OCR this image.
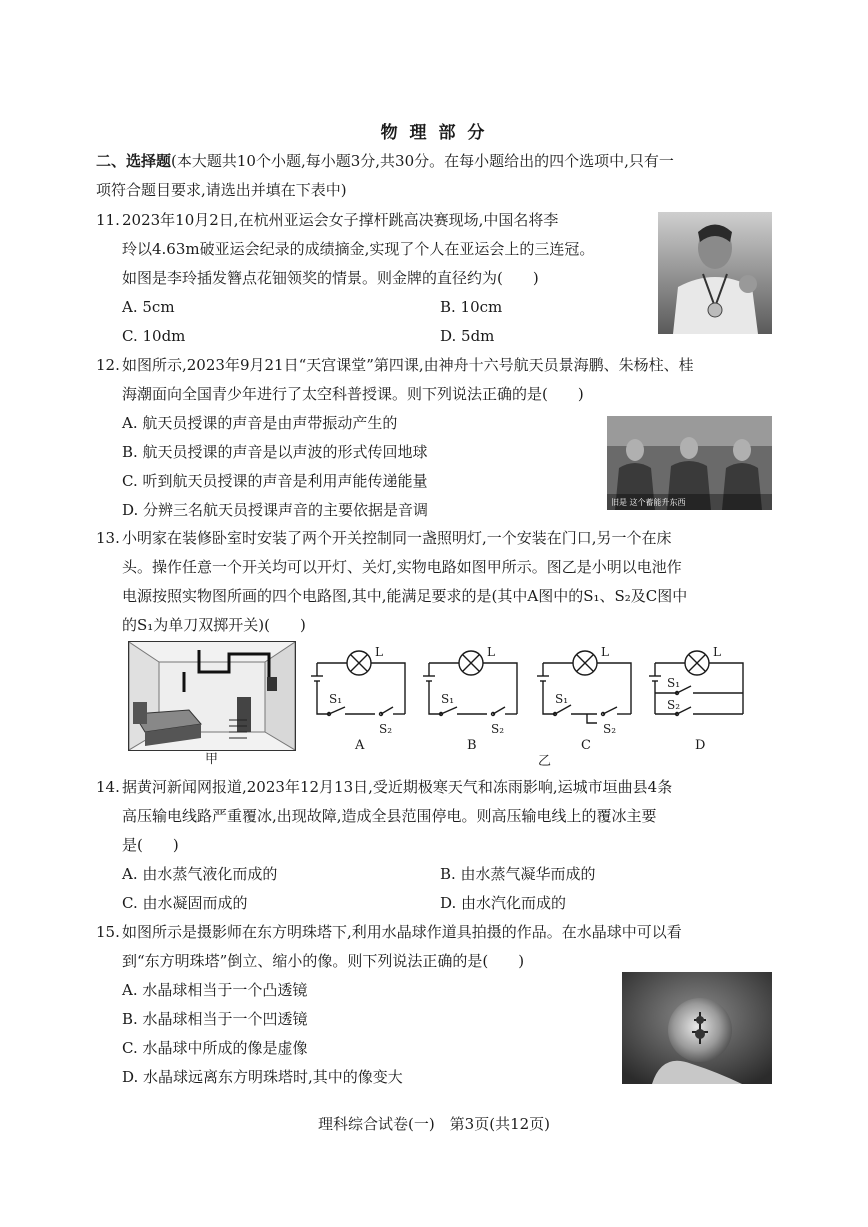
物 理 部 分
二、选择题(本大题共10个小题,每小题3分,共30分。在每小题给出的四个选项中,只有一
项符合题目要求,请选出并填在下表中)
11. 2023年10月2日,在杭州亚运会女子撑杆跳高决赛现场,中国名将李
玲以4.63m破亚运会纪录的成绩摘金,实现了个人在亚运会上的三连冠。
如图是李玲插发簪点花钿领奖的情景。则金牌的直径约为(　　)
A. 5cm	B. 10cm
C. 10dm	D. 5dm
12. 如图所示,2023年9月21日“天宫课堂”第四课,由神舟十六号航天员景海鹏、朱杨柱、桂
海潮面向全国青少年进行了太空科普授课。则下列说法正确的是(　　)
A. 航天员授课的声音是由声带振动产生的
B. 航天员授课的声音是以声波的形式传回地球
C. 听到航天员授课的声音是利用声能传递能量
D. 分辨三名航天员授课声音的主要依据是音调	旧是 这个蓄能升东西
13. 小明家在装修卧室时安装了两个开关控制同一盏照明灯,一个安装在门口,另一个在床
头。操作任意一个开关均可以开灯、关灯,实物电路如图甲所示。图乙是小明以电池作
电源按照实物图所画的四个电路图,其中,能满足要求的是(其中A图中的S₁、S₂及C图中
的S₁为单刀双掷开关)(　　)
甲
L
S₁
S₂
L
S₁
S₂
L
S₁
S₂
L
S₁
S₂
A	B	C	D
乙
14. 据黄河新闻网报道,2023年12月13日,受近期极寒天气和冻雨影响,运城市垣曲县4条
高压输电线路严重覆冰,出现故障,造成全县范围停电。则高压输电线上的覆冰主要
是(　　)
A. 由水蒸气液化而成的	B. 由水蒸气凝华而成的
C. 由水凝固而成的	D. 由水汽化而成的
15. 如图所示是摄影师在东方明珠塔下,利用水晶球作道具拍摄的作品。在水晶球中可以看
到“东方明珠塔”倒立、缩小的像。则下列说法正确的是(　　)
A. 水晶球相当于一个凸透镜
B. 水晶球相当于一个凹透镜
C. 水晶球中所成的像是虚像
D. 水晶球远离东方明珠塔时,其中的像变大
理科综合试卷(一)　第3页(共12页)
